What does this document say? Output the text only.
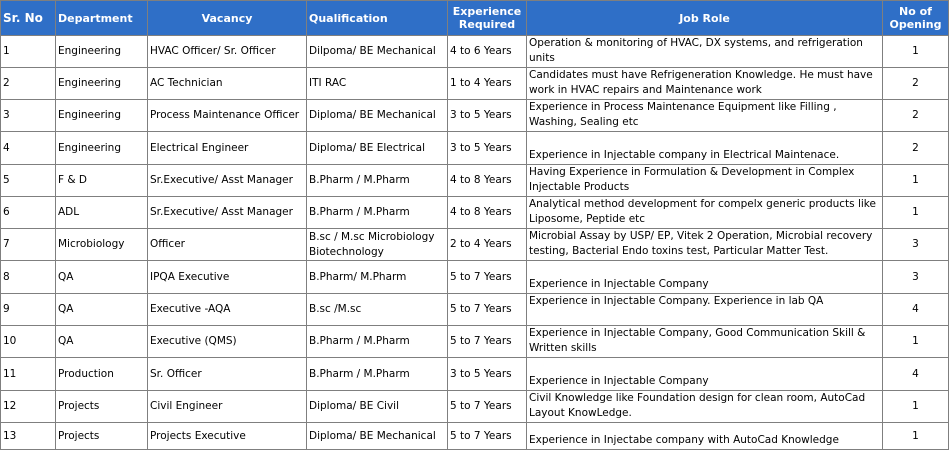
Sr. No	Department	Vacancy	Qualification	Experience Required	Job Role	No of Opening
1	Engineering	HVAC Officer/ Sr. Officer	Dilpoma/ BE Mechanical	4 to 6 Years	Operation & monitoring of HVAC, DX systems, and refrigeration units	1
2	Engineering	AC Technician	ITI RAC	1 to 4 Years	Candidates must have Refrigeneration Knowledge. He must have work in HVAC repairs and Maintenance work	2
3	Engineering	Process Maintenance Officer	Diploma/ BE Mechanical	3 to 5 Years	Experience in Process Maintenance Equipment like Filling , Washing, Sealing etc	2
4	Engineering	Electrical Engineer	Diploma/ BE Electrical	3 to 5 Years	Experience in Injectable company in Electrical Maintenace.	2
5	F & D	Sr.Executive/ Asst Manager	B.Pharm / M.Pharm	4 to 8 Years	Having Experience in Formulation & Development in Complex Injectable Products	1
6	ADL	Sr.Executive/ Asst Manager	B.Pharm / M.Pharm	4 to 8 Years	Analytical method development for compelx generic products like Liposome, Peptide etc	1
7	Microbiology	Officer	B.sc / M.sc Microbiology Biotechnology	2 to 4 Years	Microbial Assay by USP/ EP, Vitek 2 Operation, Microbial recovery testing, Bacterial Endo toxins test, Particular Matter Test.	3
8	QA	IPQA Executive	B.Pharm/ M.Pharm	5 to 7 Years	Experience in Injectable Company	3
9	QA	Executive -AQA	B.sc /M.sc	5 to 7 Years	Experience in Injectable Company. Experience in lab QA	4
10	QA	Executive (QMS)	B.Pharm / M.Pharm	5 to 7 Years	Experience in Injectable Company, Good Communication Skill & Written skills	1
11	Production	Sr. Officer	B.Pharm / M.Pharm	3 to 5 Years	Experience in Injectable Company	4
12	Projects	Civil Engineer	Diploma/ BE Civil	5 to 7 Years	Civil Knowledge like Foundation design for clean room, AutoCad Layout KnowLedge.	1
13	Projects	Projects Executive	Diploma/ BE Mechanical	5 to 7 Years	Experience in Injectabe company with AutoCad Knowledge	1
